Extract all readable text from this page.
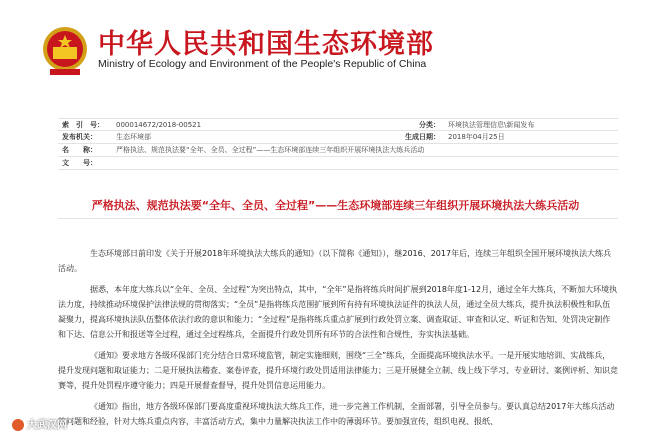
中华人民共和国生态环境部
Ministry of Ecology and Environment of the People's Republic of China
索　引　号：	000014672/2018-00521	分类：	环境执法管理信息\新闻发布
发布机关：	生态环境部	生成日期：	2018年04月25日
名　　称：	严格执法、规范执法要“全年、全员、全过程”——生态环境部连续三年组织开展环境执法大练兵活动
文　　号：
严格执法、规范执法要“全年、全员、全过程”——生态环境部连续三年组织开展环境执法大练兵活动

生态环境部日前印发《关于开展2018年环境执法大练兵的通知》（以下简称《通知》），继2016、2017年后，连续三年组织全国开展环境执法大练兵活动。

据悉，本年度大练兵以“全年、全员、全过程”为突出特点，其中，“全年”是指将练兵时间扩展到2018年度1-12月，通过全年大练兵，不断加大环境执法力度，持续推动环境保护法律法规的贯彻落实；“全员”是指将练兵范围扩展到所有持有环境执法证件的执法人员，通过全员大练兵，提升执法积极性和队伍凝聚力，提高环境执法队伍整体依法行政的意识和能力；“全过程”是指将练兵重点扩展到行政处罚立案、调查取证、审查和认定、听证和告知、处罚决定制作和下达、信息公开和报送等全过程，通过全过程练兵，全面提升行政处罚所有环节的合法性和合规性，夯实执法基础。

《通知》要求地方各级环保部门充分结合日常环境监管，制定实施细则，围绕“三全”练兵，全面提高环境执法水平。一是开展实地培训、实战练兵，提升发现问题和取证能力；二是开展执法稽查、案卷评查，提升环境行政处罚适用法律能力；三是开展健全立制、线上线下学习、专业研讨、案例评析、知识竞赛等，提升处罚程序遵守能力；四是开展督查督导，提升处罚信息运用能力。

《通知》指出，地方各级环保部门要高度重视环境执法大练兵工作，进一步完善工作机制，全面部署，引导全员参与。要认真总结2017年大练兵活动的问题和经验，针对大练兵重点内容，丰富活动方式，集中力量解决执法工作中的薄弱环节。要加强宣传，组织电视、报纸、

大武汉网
